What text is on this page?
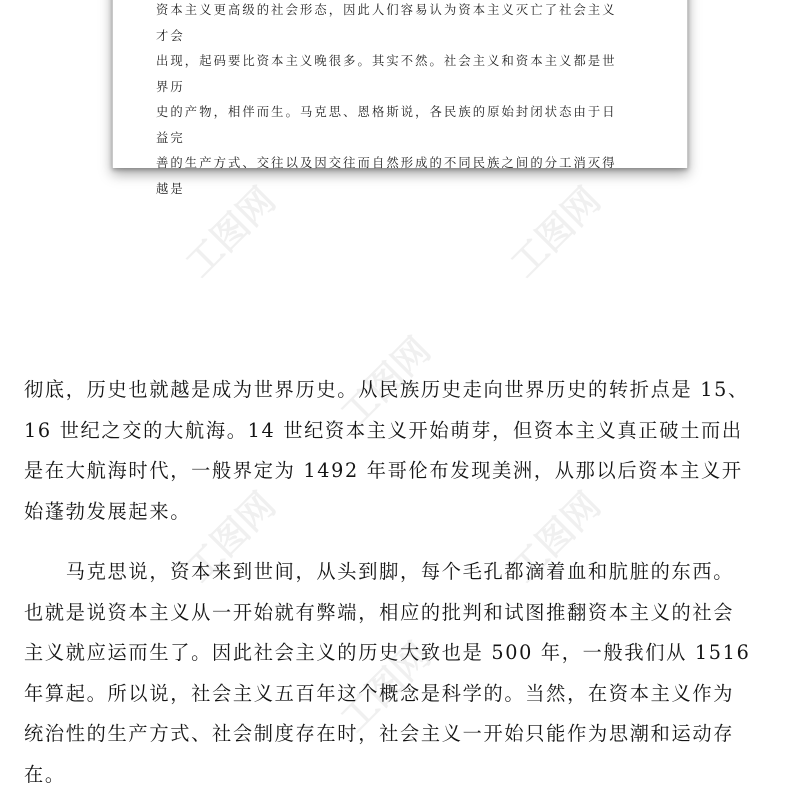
资本主义更高级的社会形态，因此人们容易认为资本主义灭亡了社会主义才会
出现，起码要比资本主义晚很多。其实不然。社会主义和资本主义都是世界历
史的产物，相伴而生。马克思、恩格斯说，各民族的原始封闭状态由于日益完
善的生产方式、交往以及因交往而自然形成的不同民族之间的分工消灭得越是

工图网	工图网
工图网
工图网	工图网
工图网

彻底，历史也就越是成为世界历史。从民族历史走向世界历史的转折点是 15、
16 世纪之交的大航海。14 世纪资本主义开始萌芽，但资本主义真正破土而出
是在大航海时代，一般界定为 1492 年哥伦布发现美洲，从那以后资本主义开
始蓬勃发展起来。

　　马克思说，资本来到世间，从头到脚，每个毛孔都滴着血和肮脏的东西。
也就是说资本主义从一开始就有弊端，相应的批判和试图推翻资本主义的社会
主义就应运而生了。因此社会主义的历史大致也是 500 年，一般我们从 1516
年算起。所以说，社会主义五百年这个概念是科学的。当然，在资本主义作为
统治性的生产方式、社会制度存在时，社会主义一开始只能作为思潮和运动存
在。
